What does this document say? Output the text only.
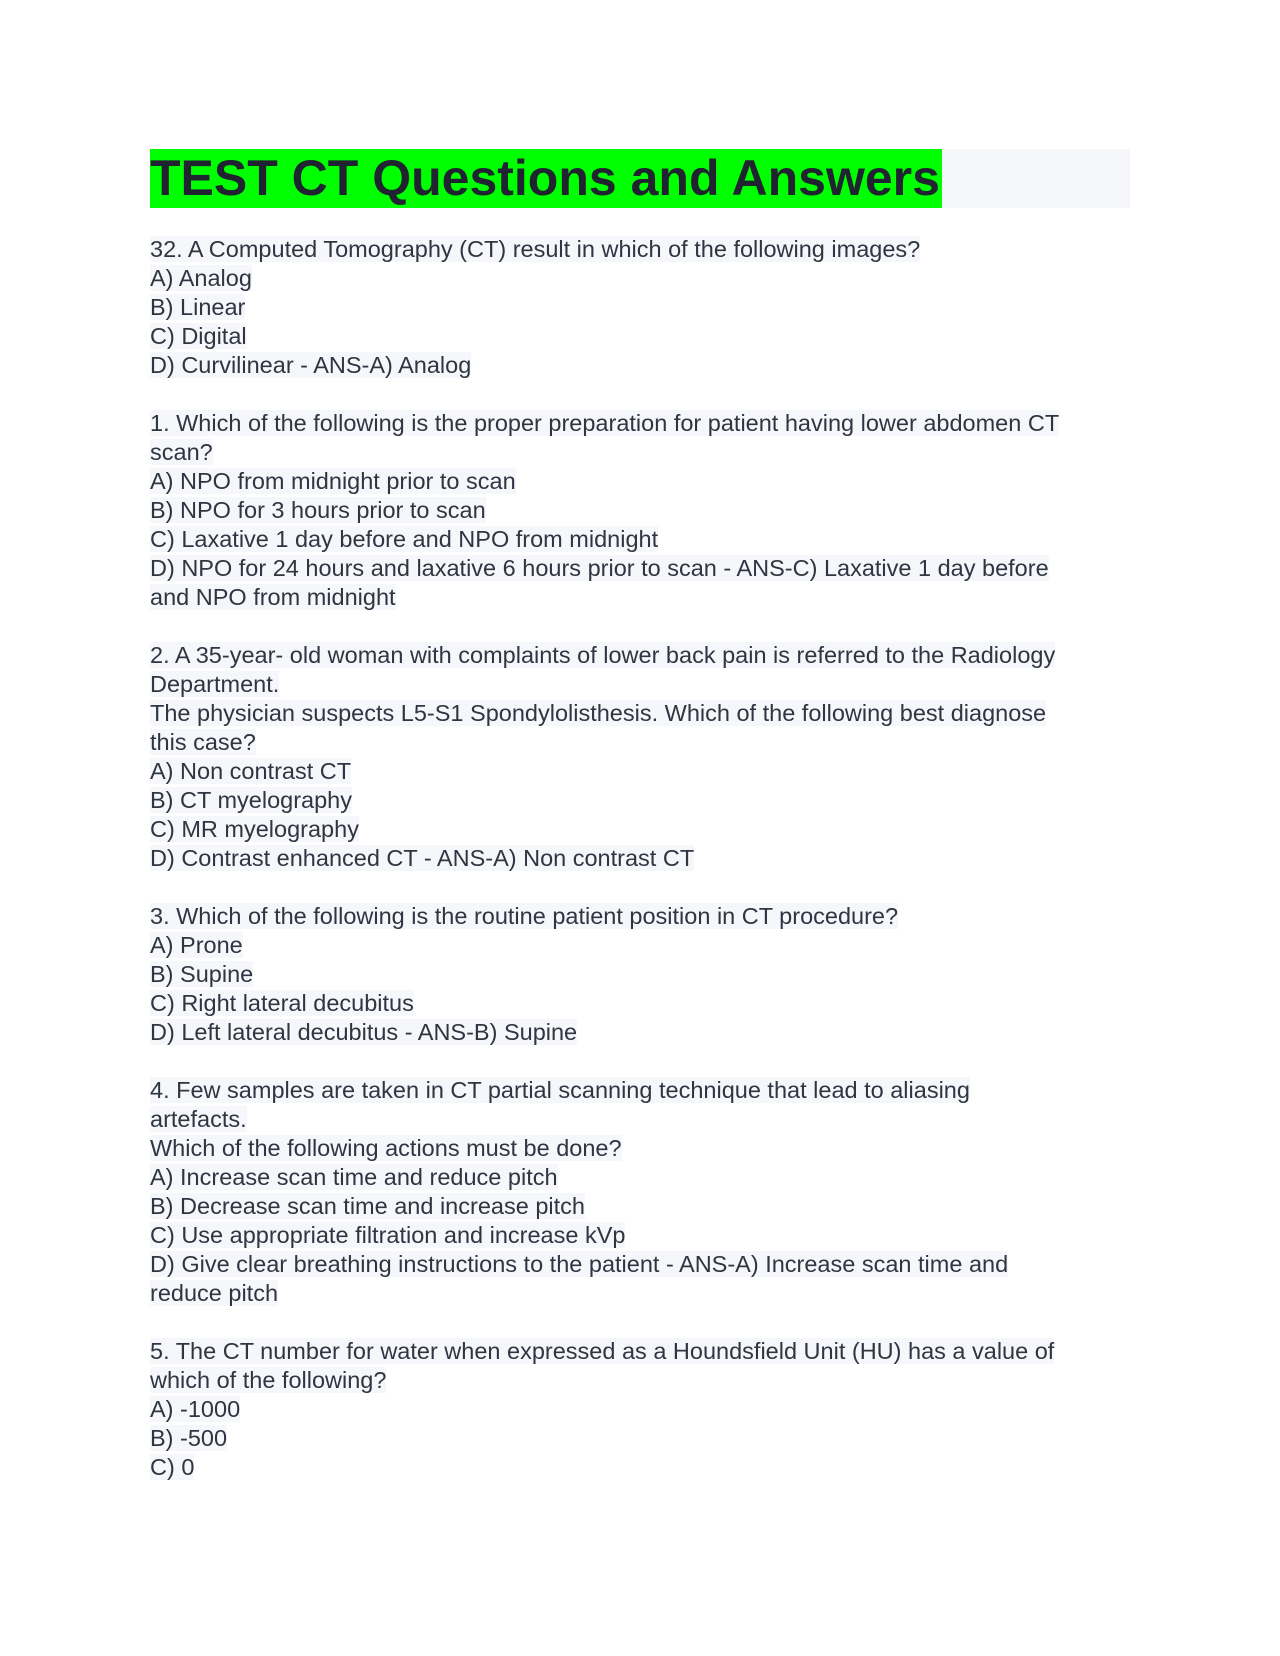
TEST CT Questions and Answers
32. A Computed Tomography (CT) result in which of the following images?
A) Analog
B) Linear
C) Digital
D) Curvilinear - ANS-A) Analog
1. Which of the following is the proper preparation for patient having lower abdomen CT
scan?
A) NPO from midnight prior to scan
B) NPO for 3 hours prior to scan
C) Laxative 1 day before and NPO from midnight
D) NPO for 24 hours and laxative 6 hours prior to scan - ANS-C) Laxative 1 day before
and NPO from midnight
2. A 35-year- old woman with complaints of lower back pain is referred to the Radiology
Department.
The physician suspects L5-S1 Spondylolisthesis. Which of the following best diagnose
this case?
A) Non contrast CT
B) CT myelography
C) MR myelography
D) Contrast enhanced CT - ANS-A) Non contrast CT
3. Which of the following is the routine patient position in CT procedure?
A) Prone
B) Supine
C) Right lateral decubitus
D) Left lateral decubitus - ANS-B) Supine
4. Few samples are taken in CT partial scanning technique that lead to aliasing
artefacts.
Which of the following actions must be done?
A) Increase scan time and reduce pitch
B) Decrease scan time and increase pitch
C) Use appropriate filtration and increase kVp
D) Give clear breathing instructions to the patient - ANS-A) Increase scan time and
reduce pitch
5. The CT number for water when expressed as a Houndsfield Unit (HU) has a value of
which of the following?
A) -1000
B) -500
C) 0
